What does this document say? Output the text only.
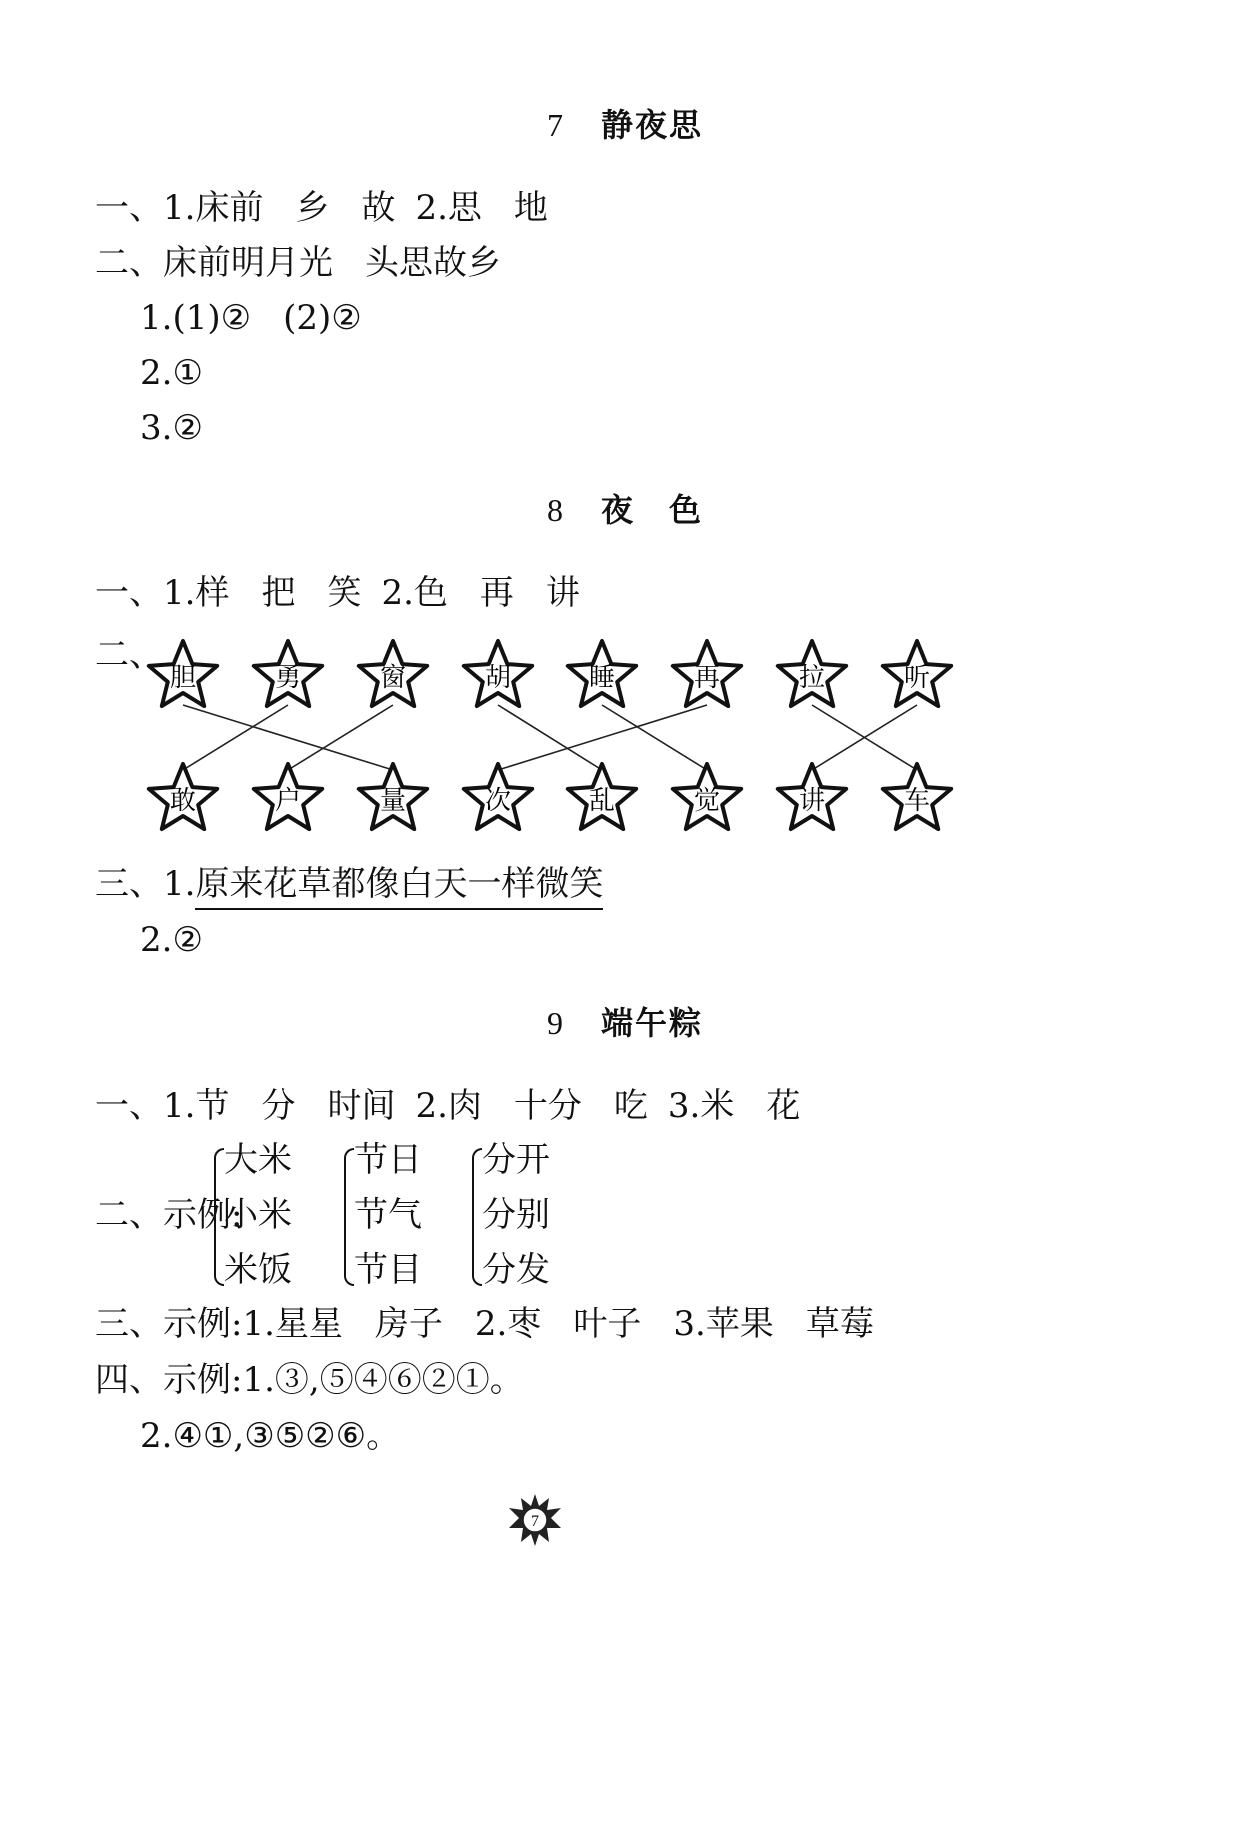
7 静夜思
一、1.床前 乡 故 2.思 地
二、床前明月光 头思故乡
1.(1)② (2)②
2.①
3.②
8 夜　色
一、1.样 把 笑 2.色 再 讲
二、
胆	勇	窗	胡	睡	再	拉	听
敢	户	量	次	乱	觉	讲	车
三、1.原来花草都像白天一样微笑
2.②
9 端午粽
一、1.节 分 时间 2.肉 十分 吃 3.米 花
二、示例:
大米
小米
米饭
节日
节气
节目
分开
分别
分发
三、示例:1.星星 房子 2.枣 叶子 3.苹果 草莓
四、示例:1.③,⑤④⑥②①。
2.④①,③⑤②⑥。
7
